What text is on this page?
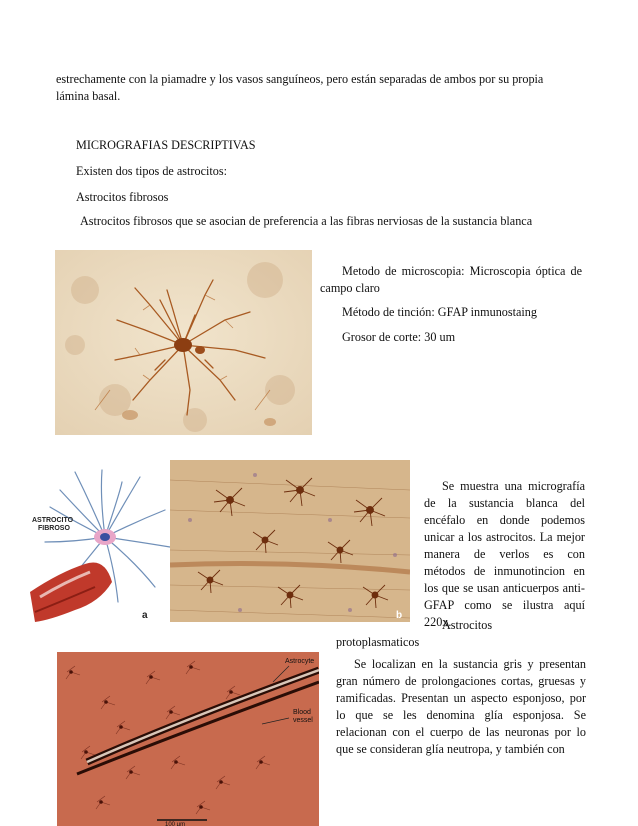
estrechamente con la piamadre y los vasos sanguíneos, pero están separadas de ambos por su propia
lámina basal.
MICROGRAFIAS DESCRIPTIVAS
Existen dos tipos de astrocitos:
Astrocitos fibrosos
Astrocitos fibrosos que se asocian de preferencia a las fibras nerviosas de la sustancia blanca
Metodo de microscopia: Microscopia óptica de campo claro
Método de tinción: GFAP inmunostaing
Grosor de corte: 30 um
ASTROCITO
FIBROSO
a	b
Se muestra una micrografía de la sustancia blanca del encéfalo en donde podemos unicar a los astrocitos. La mejor manera de verlos es con métodos de inmunotincion en los que se usan anticuerpos anti-GFAP como se ilustra aquí 220x.
Astrocitos protoplasmaticos
Astrocyte
Blood
vessel
100 µm
Se localizan en la sustancia gris y presentan gran número de prolongaciones cortas, gruesas y ramificadas. Presentan un aspecto esponjoso, por lo que se les denomina glía esponjosa. Se relacionan con el cuerpo de las neuronas por lo que se consideran glía neutropa, y también con
